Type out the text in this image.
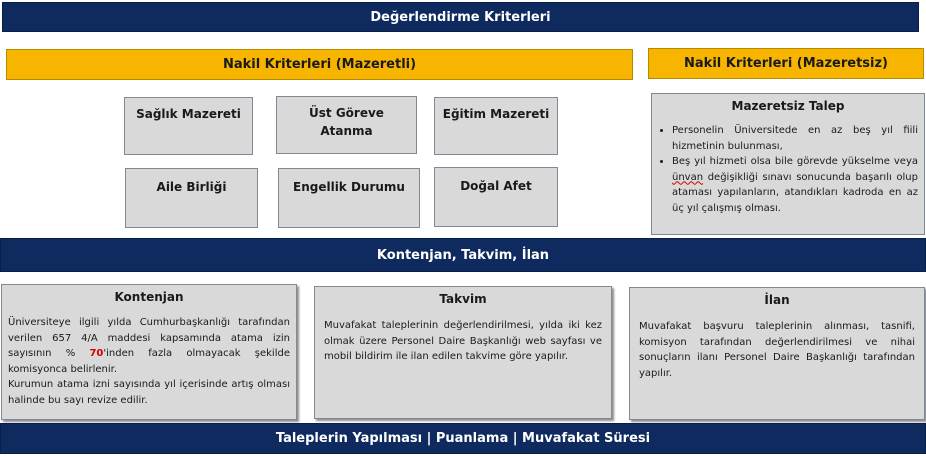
Değerlendirme Kriterleri
Nakil Kriterleri (Mazeretli)	Nakil Kriterleri (Mazeretsiz)
Sağlık Mazereti	Üst Göreve Atanma
Eğitim Mazereti
Aile Birliği	Engellik Durumu	Doğal Afet
Mazeretsiz Talep
• Personelin Üniversitede en az beş yıl fiili hizmetinin bulunması,
• Beş yıl hizmeti olsa bile görevde yükselme veya ünvan değişikliği sınavı sonucunda başarılı olup ataması yapılanların, atandıkları kadroda en az üç yıl çalışmış olması.
Kontenjan, Takvim, İlan
Kontenjan
Üniversiteye ilgili yılda Cumhurbaşkanlığı tarafından verilen 657 4/A maddesi kapsamında atama izin sayısının % 70'inden fazla olmayacak şekilde komisyonca belirlenir.
Kurumun atama izni sayısında yıl içerisinde artış olması halinde bu sayı revize edilir.
Takvim
Muvafakat taleplerinin değerlendirilmesi, yılda iki kez olmak üzere Personel Daire Başkanlığı web sayfası ve mobil bildirim ile ilan edilen takvime göre yapılır.
İlan
Muvafakat başvuru taleplerinin alınması, tasnifi, komisyon tarafından değerlendirilmesi ve nihai sonuçların ilanı Personel Daire Başkanlığı tarafından yapılır.
Taleplerin Yapılması | Puanlama | Muvafakat Süresi
